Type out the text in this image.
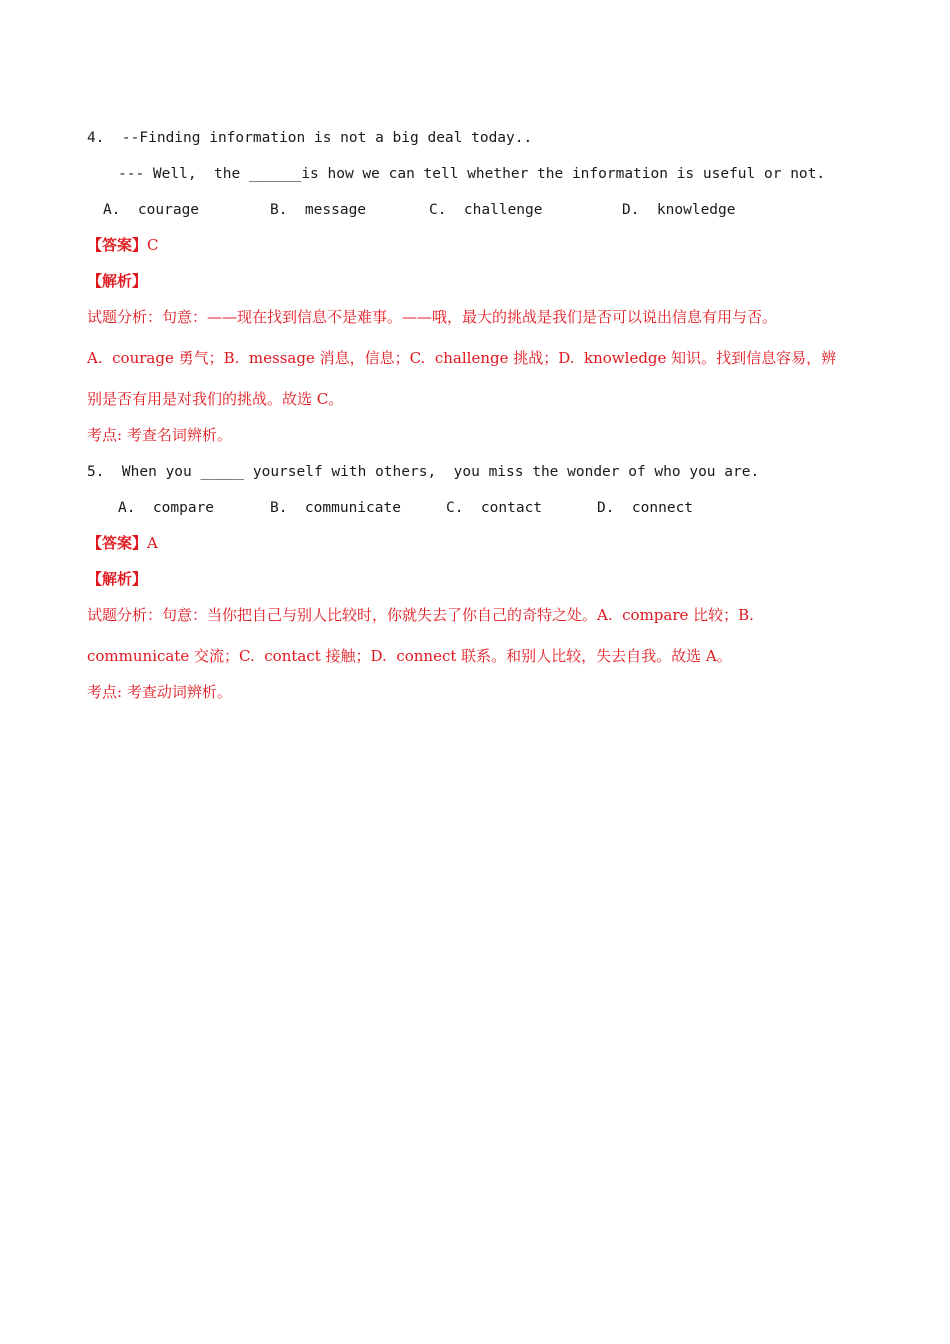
4.  --Finding information is not a big deal today..
--- Well,  the ______is how we can tell whether the information is useful or not.
A.  courage	B.  message	C.  challenge	D.  knowledge
【答案】C
【解析】
试题分析：句意：——现在找到信息不是难事。——哦，最大的挑战是我们是否可以说出信息有用与否。
A.  courage 勇气；B.  message 消息，信息；C.  challenge 挑战；D.  knowledge 知识。找到信息容易，辨
别是否有用是对我们的挑战。故选 C。
考点: 考查名词辨析。
5.  When you _____ yourself with others,  you miss the wonder of who you are.
A.  compare	B.  communicate	C.  contact	D.  connect
【答案】A
【解析】
试题分析：句意：当你把自己与别人比较时，你就失去了你自己的奇特之处。A.  compare 比较；B.
communicate 交流；C.  contact 接触；D.  connect 联系。和别人比较，失去自我。故选 A。
考点: 考查动词辨析。
